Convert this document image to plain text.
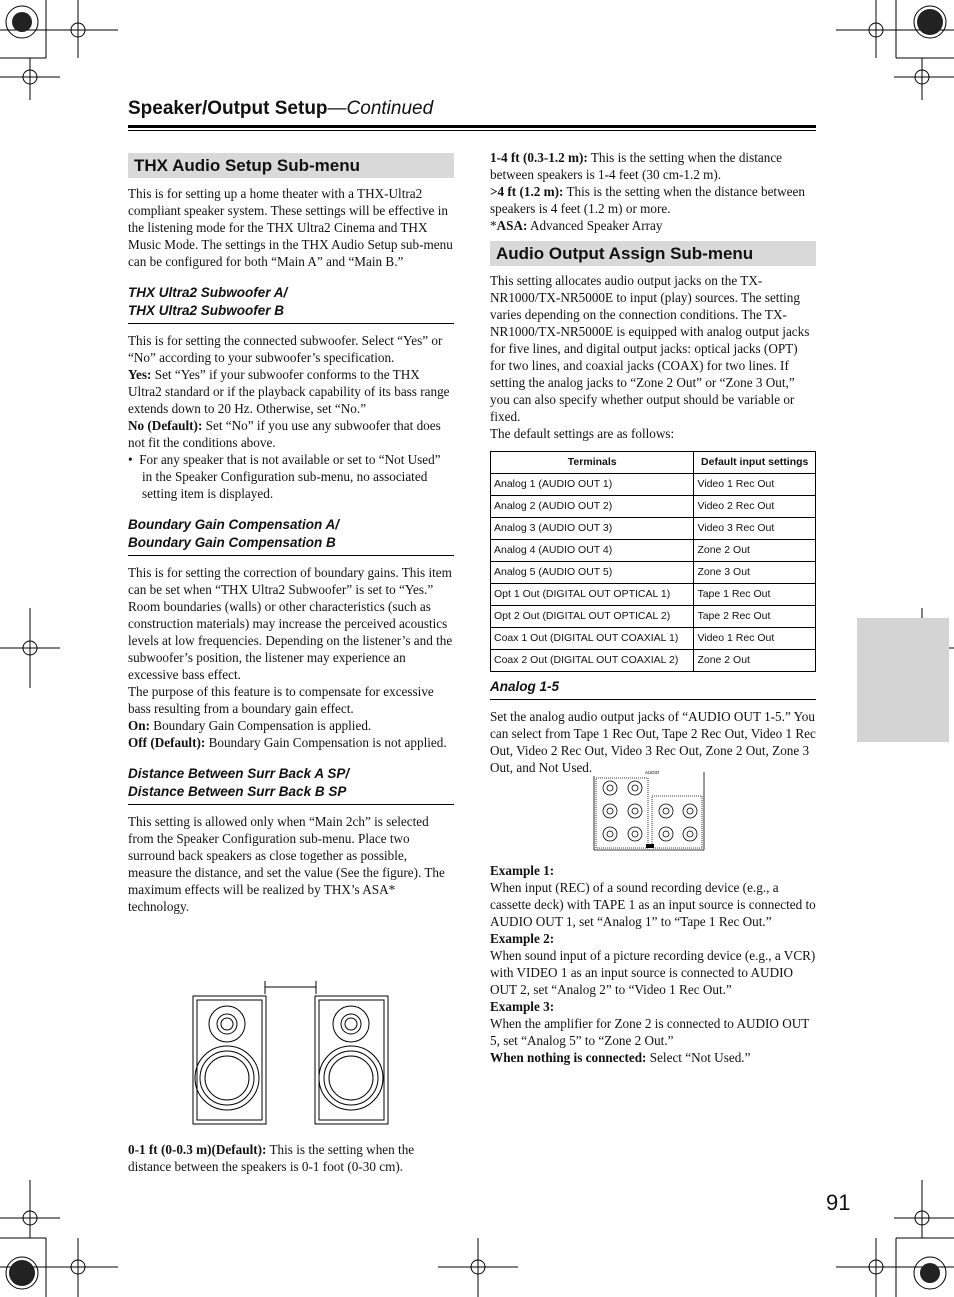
Speaker/Output Setup—Continued
THX Audio Setup Sub-menu

This is for setting up a home theater with a THX-Ultra2 compliant speaker system. These settings will be effective in the listening mode for the THX Ultra2 Cinema and THX Music Mode. The settings in the THX Audio Setup sub-menu can be configured for both “Main A” and “Main B.”

THX Ultra2 Subwoofer A/
THX Ultra2 Subwoofer B

This is for setting the connected subwoofer. Select “Yes” or “No” according to your subwoofer’s specification.

Yes: Set “Yes” if your subwoofer conforms to the THX Ultra2 standard or if the playback capability of its bass range extends down to 20 Hz. Otherwise, set “No.”

No (Default): Set “No” if you use any subwoofer that does not fit the conditions above.

•  For any speaker that is not available or set to “Not Used” in the Speaker Configuration sub-menu, no associated setting item is displayed.

Boundary Gain Compensation A/
Boundary Gain Compensation B

This is for setting the correction of boundary gains. This item can be set when “THX Ultra2 Subwoofer” is set to “Yes.”

Room boundaries (walls) or other characteristics (such as construction materials) may increase the perceived acoustics levels at low frequencies. Depending on the listener’s and the subwoofer’s position, the listener may experience an excessive bass effect.

The purpose of this feature is to compensate for excessive bass resulting from a boundary gain effect.

On: Boundary Gain Compensation is applied.

Off (Default): Boundary Gain Compensation is not applied.

Distance Between Surr Back A SP/
Distance Between Surr Back B SP

This setting is allowed only when “Main 2ch” is selected from the Speaker Configuration sub-menu. Place two surround back speakers as close together as possible, measure the distance, and set the value (See the figure). The maximum effects will be realized by THX’s ASA* technology.

0-1 ft (0-0.3 m)(Default): This is the setting when the distance between the speakers is 0-1 foot (0-30 cm).

1-4 ft (0.3-1.2 m): This is the setting when the distance between speakers is 1-4 feet (30 cm-1.2 m).

>4 ft (1.2 m): This is the setting when the distance between speakers is 4 feet (1.2 m) or more.

*ASA: Advanced Speaker Array

Audio Output Assign Sub-menu

This setting allocates audio output jacks on the TX-NR1000/TX-NR5000E to input (play) sources. The setting varies depending on the connection conditions. The TX-NR1000/TX-NR5000E is equipped with analog output jacks for five lines, and digital output jacks: optical jacks (OPT) for two lines, and coaxial jacks (COAX) for two lines. If setting the analog jacks to “Zone 2 Out” or “Zone 3 Out,” you can also specify whether output should be variable or fixed.

The default settings are as follows:

Terminals	Default input settings
Analog 1 (AUDIO OUT 1)	Video 1 Rec Out
Analog 2 (AUDIO OUT 2)	Video 2 Rec Out
Analog 3 (AUDIO OUT 3)	Video 3 Rec Out
Analog 4 (AUDIO OUT 4)	Zone 2 Out
Analog 5 (AUDIO OUT 5)	Zone 3 Out
Opt 1 Out (DIGITAL OUT OPTICAL 1)	Tape 1 Rec Out
Opt 2 Out (DIGITAL OUT OPTICAL 2)	Tape 2 Rec Out
Coax 1 Out (DIGITAL OUT COAXIAL 1)	Video 1 Rec Out
Coax 2 Out (DIGITAL OUT COAXIAL 2)	Zone 2 Out
Analog 1-5

Set the analog audio output jacks of “AUDIO OUT 1-5.” You can select from Tape 1 Rec Out, Tape 2 Rec Out, Video 1 Rec Out, Video 2 Rec Out, Video 3 Rec Out, Zone 2 Out, Zone 3 Out, and Not Used.	AUDIO

Example 1:

When input (REC) of a sound recording device (e.g., a cassette deck) with TAPE 1 as an input source is connected to AUDIO OUT 1, set “Analog 1” to “Tape 1 Rec Out.”

Example 2:

When sound input of a picture recording device (e.g., a VCR) with VIDEO 1 as an input source is connected to AUDIO OUT 2, set “Analog 2” to “Video 1 Rec Out.”

Example 3:

When the amplifier for Zone 2 is connected to AUDIO OUT 5, set “Analog 5” to “Zone 2 Out.”

When nothing is connected: Select “Not Used.”

91
